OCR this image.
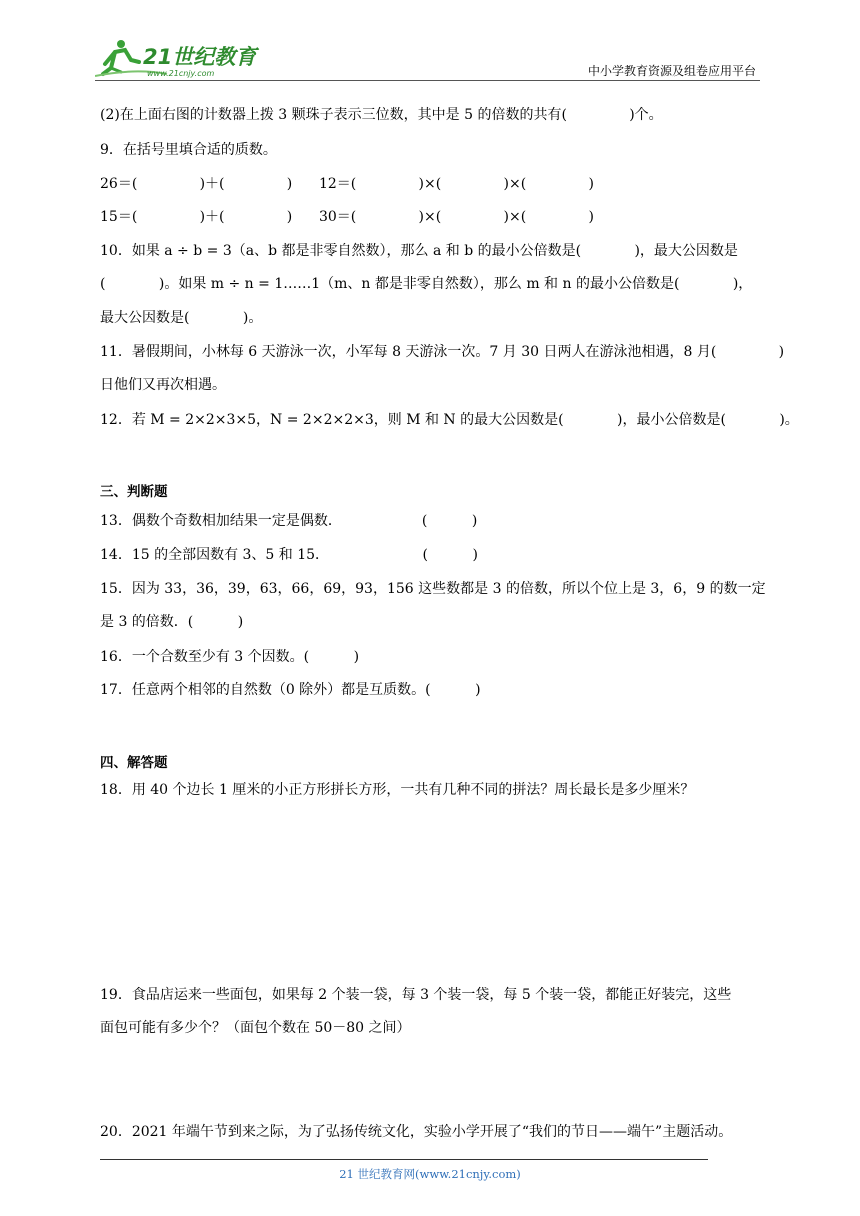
21世纪教育
www.21cnjy.com	中小学教育资源及组卷应用平台
(2)在上面右图的计数器上拨 3 颗珠子表示三位数，其中是 5 的倍数的共有(              )个。
9．在括号里填合适的质数。
26＝(              )＋(              )      12＝(              )×(              )×(              )
15＝(              )＋(              )      30＝(              )×(              )×(              )
10．如果 a ÷ b = 3（a、b 都是非零自然数），那么 a 和 b 的最小公倍数是(            )，最大公因数是
(            )。如果 m ÷ n = 1……1（m、n 都是非零自然数），那么 m 和 n 的最小公倍数是(            )，
最大公因数是(            )。
11．暑假期间，小林每 6 天游泳一次，小军每 8 天游泳一次。7 月 30 日两人在游泳池相遇，8 月(              )
日他们又再次相遇。
12．若 M = 2×2×3×5，N = 2×2×2×3，则 M 和 N 的最大公因数是(            )，最小公倍数是(            )。
三、判断题
13．偶数个奇数相加结果一定是偶数．                  (          )
14．15 的全部因数有 3、5 和 15．                     (          )
15．因为 33，36，39，63，66，69，93，156 这些数都是 3 的倍数，所以个位上是 3，6，9 的数一定
是 3 的倍数．(          )
16．一个合数至少有 3 个因数。(          )
17．任意两个相邻的自然数（0 除外）都是互质数。(          )
四、解答题
18．用 40 个边长 1 厘米的小正方形拼长方形，一共有几种不同的拼法？周长最长是多少厘米？
19．食品店运来一些面包，如果每 2 个装一袋，每 3 个装一袋，每 5 个装一袋，都能正好装完，这些
面包可能有多少个？（面包个数在 50－80 之间）
20．2021 年端午节到来之际，为了弘扬传统文化，实验小学开展了“我们的节日——端午”主题活动。
21 世纪教育网(www.21cnjy.com)
